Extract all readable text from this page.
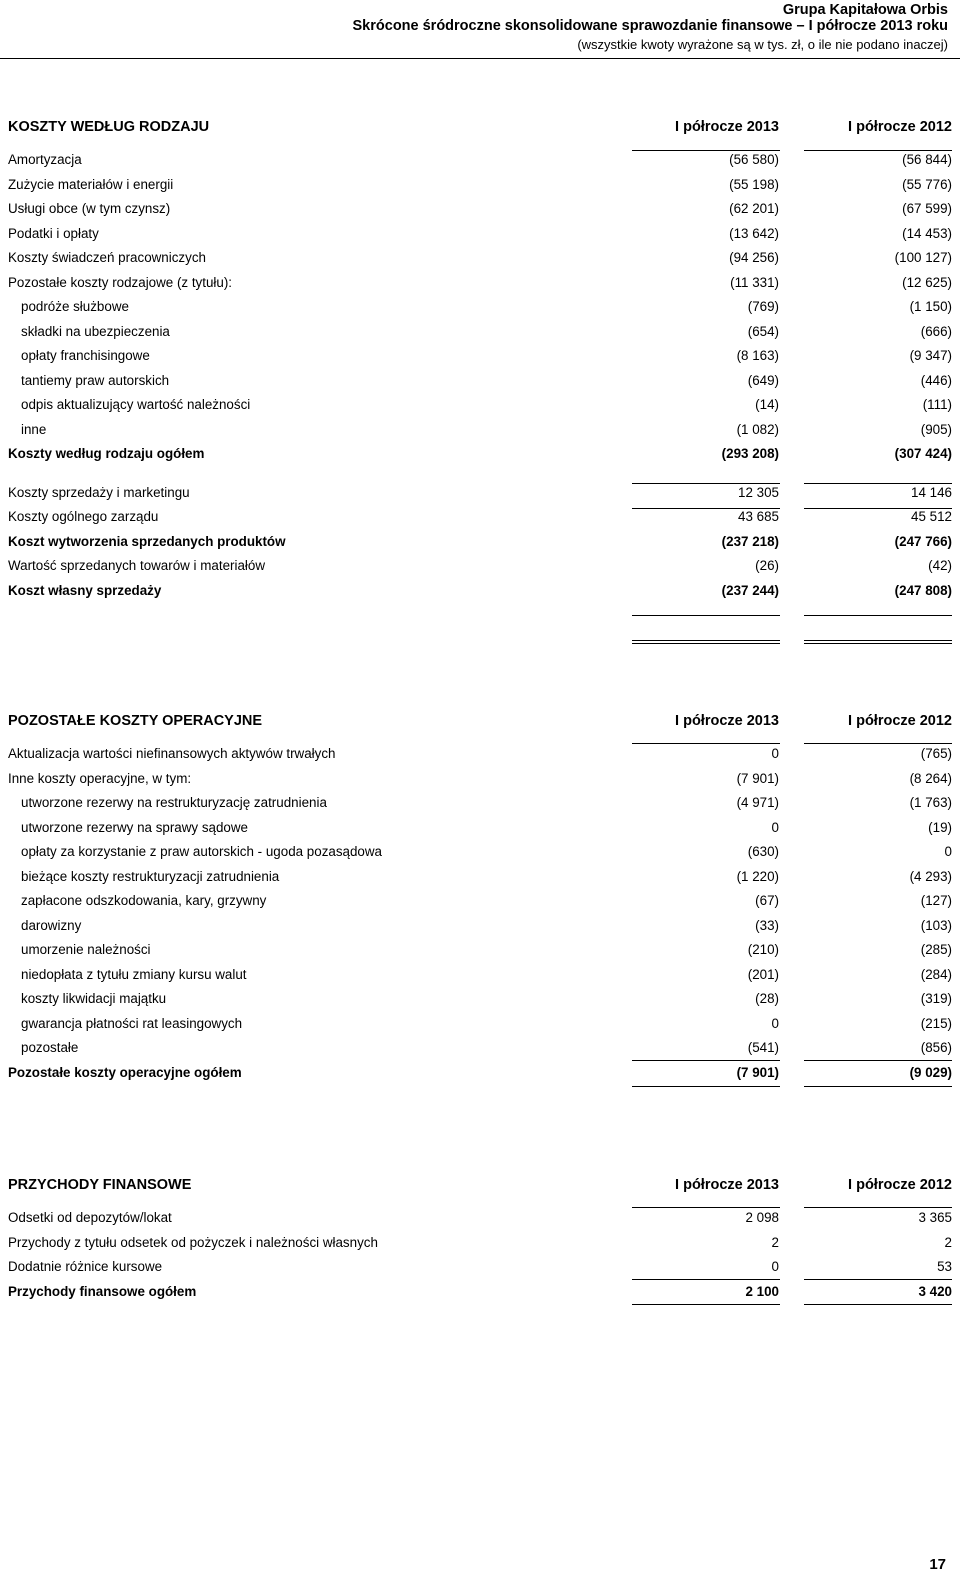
Grupa Kapitałowa Orbis
Skrócone śródroczne skonsolidowane sprawozdanie finansowe – I półrocze 2013 roku
(wszystkie kwoty wyrażone są w tys. zł, o ile nie podano inaczej)
KOSZTY WEDŁUG RODZAJU	I półrocze 2013	I półrocze 2012
Amortyzacja	(56 580)	(56 844)
Zużycie materiałów i energii	(55 198)	(55 776)
Usługi obce (w tym czynsz)	(62 201)	(67 599)
Podatki i opłaty	(13 642)	(14 453)
Koszty świadczeń pracowniczych	(94 256)	(100 127)
Pozostałe koszty rodzajowe (z tytułu):	(11 331)	(12 625)
podróże służbowe	(769)	(1 150)
składki na ubezpieczenia	(654)	(666)
opłaty franchisingowe	(8 163)	(9 347)
tantiemy praw autorskich	(649)	(446)
odpis aktualizujący wartość należności	(14)	(111)
inne	(1 082)	(905)
Koszty według rodzaju ogółem	(293 208)	(307 424)
Koszty sprzedaży i marketingu	12 305	14 146
Koszty ogólnego zarządu	43 685	45 512
Koszt wytworzenia sprzedanych produktów	(237 218)	(247 766)
Wartość sprzedanych towarów i materiałów	(26)	(42)
Koszt własny sprzedaży	(237 244)	(247 808)
POZOSTAŁE KOSZTY OPERACYJNE	I półrocze 2013	I półrocze 2012
Aktualizacja wartości niefinansowych aktywów trwałych	0	(765)
Inne koszty operacyjne, w tym:	(7 901)	(8 264)
utworzone rezerwy na restrukturyzację zatrudnienia	(4 971)	(1 763)
utworzone rezerwy na sprawy sądowe	0	(19)
opłaty za korzystanie z praw autorskich - ugoda pozasądowa	(630)	0
bieżące koszty restrukturyzacji zatrudnienia	(1 220)	(4 293)
zapłacone odszkodowania, kary, grzywny	(67)	(127)
darowizny	(33)	(103)
umorzenie należności	(210)	(285)
niedopłata z tytułu zmiany kursu walut	(201)	(284)
koszty likwidacji majątku	(28)	(319)
gwarancja płatności rat leasingowych	0	(215)
pozostałe	(541)	(856)
Pozostałe koszty operacyjne ogółem	(7 901)	(9 029)
PRZYCHODY FINANSOWE	I półrocze 2013	I półrocze 2012
Odsetki od depozytów/lokat	2 098	3 365
Przychody z tytułu odsetek od pożyczek i należności własnych	2	2
Dodatnie różnice kursowe	0	53
Przychody finansowe ogółem	2 100	3 420
17
